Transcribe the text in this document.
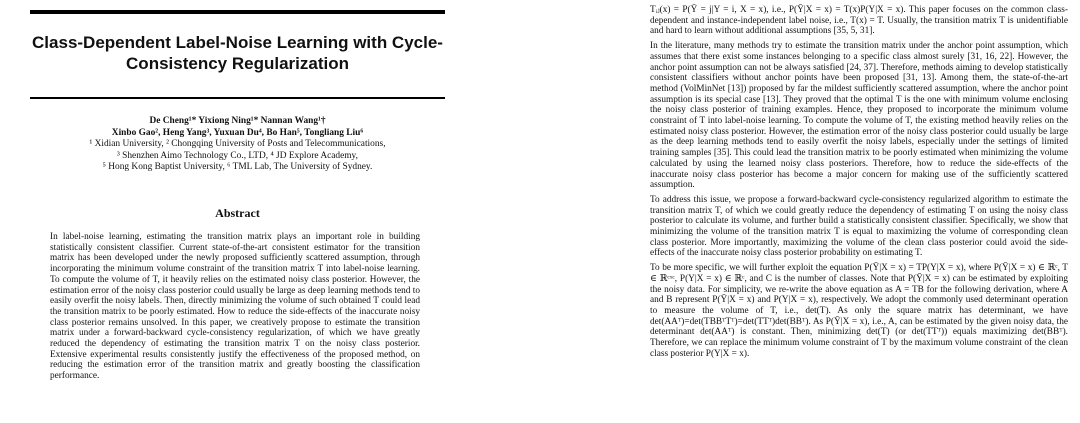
Class-Dependent Label-Noise Learning with Cycle-Consistency Regularization
De Cheng¹* Yixiong Ning¹* Nannan Wang¹†
Xinbo Gao², Heng Yang³, Yuxuan Du⁴, Bo Han⁵, Tongliang Liu⁶
¹ Xidian University, ² Chongqing University of Posts and Telecommunications,
³ Shenzhen Aimo Technology Co., LTD, ⁴ JD Explore Academy,
⁵ Hong Kong Baptist University, ⁶ TML Lab, The University of Sydney.
Abstract

In label-noise learning, estimating the transition matrix plays an important role in building statistically consistent classifier. Current state-of-the-art consistent estimator for the transition matrix has been developed under the newly proposed sufficiently scattered assumption, through incorporating the minimum volume constraint of the transition matrix T into label-noise learning. To compute the volume of T, it heavily relies on the estimated noisy class posterior. However, the estimation error of the noisy class posterior could usually be large as deep learning methods tend to easily overfit the noisy labels. Then, directly minimizing the volume of such obtained T could lead the transition matrix to be poorly estimated. How to reduce the side-effects of the inaccurate noisy class posterior remains unsolved. In this paper, we creatively propose to estimate the transition matrix under a forward-backward cycle-consistency regularization, of which we have greatly reduced the dependency of estimating the transition matrix T on the noisy class posterior. Extensive experimental results consistently justify the effectiveness of the proposed method, on reducing the estimation error of the transition matrix and greatly boosting the classification performance.

Tᵢⱼ(x) = P(Ȳ = j|Y = i, X = x), i.e., P(Ȳ|X = x) = T(x)P(Y|X = x). This paper focuses on the common class-dependent and instance-independent label noise, i.e., T(x) = T. Usually, the transition matrix T is unidentifiable and hard to learn without additional assumptions [35, 5, 31].

In the literature, many methods try to estimate the transition matrix under the anchor point assumption, which assumes that there exist some instances belonging to a specific class almost surely [31, 16, 22]. However, the anchor point assumption can not be always satisfied [24, 37]. Therefore, methods aiming to develop statistically consistent classifiers without anchor points have been proposed [31, 13]. Among them, the state-of-the-art method (VolMinNet [13]) proposed by far the mildest sufficiently scattered assumption, where the anchor point assumption is its special case [13]. They proved that the optimal T is the one with minimum volume enclosing the noisy class posterior of training examples. Hence, they proposed to incorporate the minimum volume constraint of T into label-noise learning. To compute the volume of T, the existing method heavily relies on the estimated noisy class posterior. However, the estimation error of the noisy class posterior could usually be large as the deep learning methods tend to easily overfit the noisy labels, especially under the settings of limited training samples [35]. This could lead the transition matrix to be poorly estimated when minimizing the volume calculated by using the learned noisy class posteriors. Therefore, how to reduce the side-effects of the inaccurate noisy class posterior has become a major concern for making use of the sufficiently scattered assumption.

To address this issue, we propose a forward-backward cycle-consistency regularized algorithm to estimate the transition matrix T, of which we could greatly reduce the dependency of estimating T on using the noisy class posterior to calculate its volume, and further build a statistically consistent classifier. Specifically, we show that minimizing the volume of the transition matrix T is equal to maximizing the volume of corresponding clean class posterior. More importantly, maximizing the volume of the clean class posterior could avoid the side-effects of the inaccurate noisy class posterior probability on estimating T.

To be more specific, we will further exploit the equation P(Ȳ|X = x) = TP(Y|X = x), where P(Ȳ|X = x) ∈ ℝᶜ, T ∈ ℝᶜˣᶜ, P(Y|X = x) ∈ ℝᶜ, and C is the number of classes. Note that P(Ȳ|X = x) can be estimated by exploiting the noisy data. For simplicity, we re-write the above equation as A = TB for the following derivation, where A and B represent P(Ȳ|X = x) and P(Y|X = x), respectively. We adopt the commonly used determinant operation to measure the volume of T, i.e., det(T). As only the square matrix has determinant, we have det(AAᵀ)=det(TBBᵀTᵀ)=det(TTᵀ)det(BBᵀ). As P(Ȳ|X = x), i.e., A, can be estimated by the given noisy data, the determinant det(AAᵀ) is constant. Then, minimizing det(T) (or det(TTᵀ)) equals maximizing det(BBᵀ). Therefore, we can replace the minimum volume constraint of T by the maximum volume constraint of the clean class posterior P(Y|X = x).
